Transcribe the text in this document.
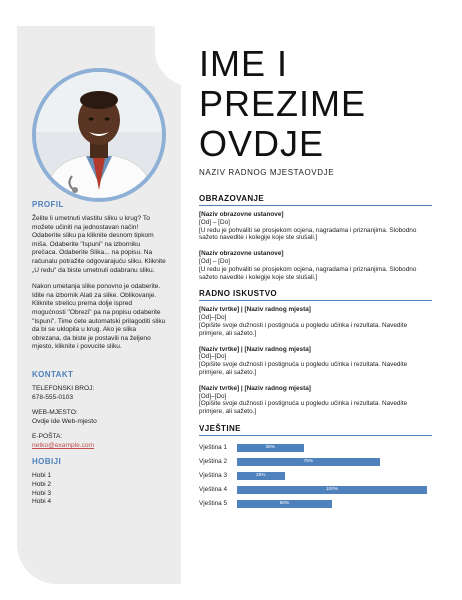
PROFIL
Želite li umetnuti vlastitu sliku u krug? To možete učiniti na jednostavan način! Odaberite sliku pa kliknite desnom tipkom miša. Odaberite "Ispuni" na izborniku prečaca. Odaberite Slika... na popisu. Na računalu potražite odgovarajuću sliku. Kliknite „U redu" da biste umetnuli odabranu sliku.
Nakon umetanja slike ponovno je odaberite. Idite na izbornik Alati za slike. Oblikovanje. Kliknite strelicu prema dolje ispred mogućnosti "Obrezi" pa na popisu odaberite "Ispuni". Time ćete automatski prilagoditi sliku da bi se uklopila u krug. Ako je slika obrezana, da biste je postavili na željeno mjesto, kliknite i povucite sliku.
KONTAKT
TELEFONSKI BROJ:
678-555-0103
WEB-MJESTO:
Ovdje ide Web-mjesto
E-POŠTA:
netko@example.com
HOBIJI
Hobi 1
Hobi 2
Hobi 3
Hobi 4
IME I
PREZIME
OVDJE
NAZIV RADNOG MJESTAOVDJE
OBRAZOVANJE
[Naziv obrazovne ustanove]
[Od] – [Do]
[U redu je pohvaliti se prosjekom ocjena, nagradama i priznanjima. Slobodno sažeto navedite i kolegije koje ste slušali.]
[Naziv obrazovne ustanove]
[Od] – [Do]
[U redu je pohvaliti se prosjekom ocjena, nagradama i priznanjima. Slobodno sažeto navedite i kolegije koje ste slušali.]
RADNO ISKUSTVO
[Naziv tvrtke] | [Naziv radnog mjesta]
[Od]–[Do]
[Opišite svoje dužnosti i postignuća u pogledu učinka i rezultata. Navedite primjere, ali sažeto.]
[Naziv tvrtke] | [Naziv radnog mjesta]
[Od]–[Do]
[Opišite svoje dužnosti i postignuća u pogledu učinka i rezultata. Navedite primjere, ali sažeto.]
[Naziv tvrtke] | [Naziv radnog mjesta]
[Od]–[Do]
[Opišite svoje dužnosti i postignuća u pogledu učinka i rezultata. Navedite primjere, ali sažeto.]
VJEŠTINE
Vještina 1	35%
Vještina 2	75%
Vještina 3	25%
Vještina 4	100%
Vještina 5	50%
